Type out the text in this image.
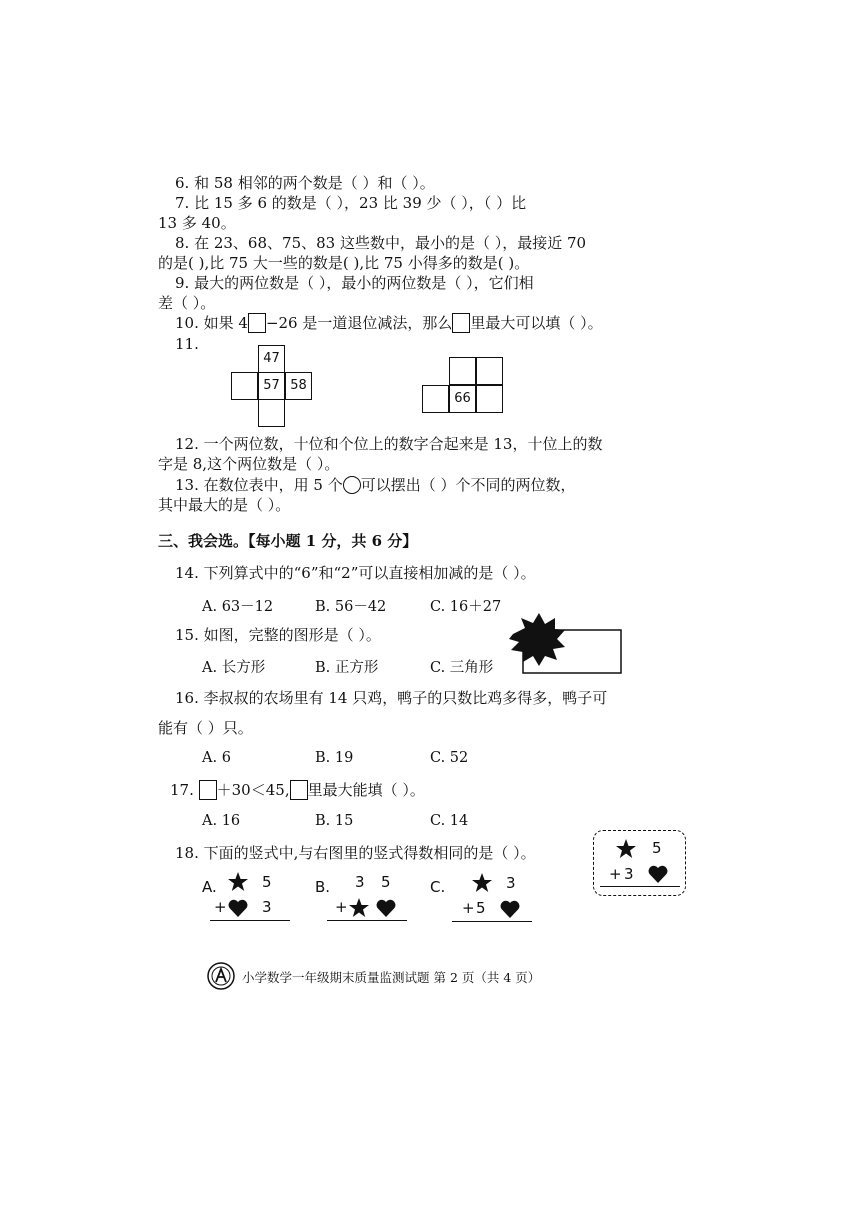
6. 和 58 相邻的两个数是（ ）和（ ）。
7. 比 15 多 6 的数是（ ），23 比 39 少（ ），（ ）比
13 多 40。
8. 在 23、68、75、83 这些数中，最小的是（ ），最接近 70
的是( ),比 75 大一些的数是( ),比 75 小得多的数是( )。
9. 最大的两位数是（ ），最小的两位数是（ ），它们相
差（ ）。
10. 如果 4 −26 是一道退位减法，那么 里最大可以填（ ）。
11.
47
57 58
66
12. 一个两位数，十位和个位上的数字合起来是 13，十位上的数
字是 8,这个两位数是（ ）。
13. 在数位表中，用 5 个 可以摆出（ ）个不同的两位数，
其中最大的是（ ）。
三、我会选。【每小题 1 分，共 6 分】
14. 下列算式中的“6”和“2”可以直接相加减的是（ ）。
A. 63－12	B. 56－42	C. 16＋27
15. 如图，完整的图形是（ ）。
A. 长方形	B. 正方形	C. 三角形
16. 李叔叔的农场里有 14 只鸡，鸭子的只数比鸡多得多，鸭子可
能有（ ）只。
A. 6	B. 19	C. 52
17. ＋30＜45, 里最大能填（ ）。
A. 16	B. 15	C. 14
18. 下面的竖式中,与右图里的竖式得数相同的是（ ）。	5
+ 3
A.	5
+ 3
B. 3 5
+
C.	3
+ 5
小学数学一年级期末质量监测试题 第 2 页（共 4 页）
